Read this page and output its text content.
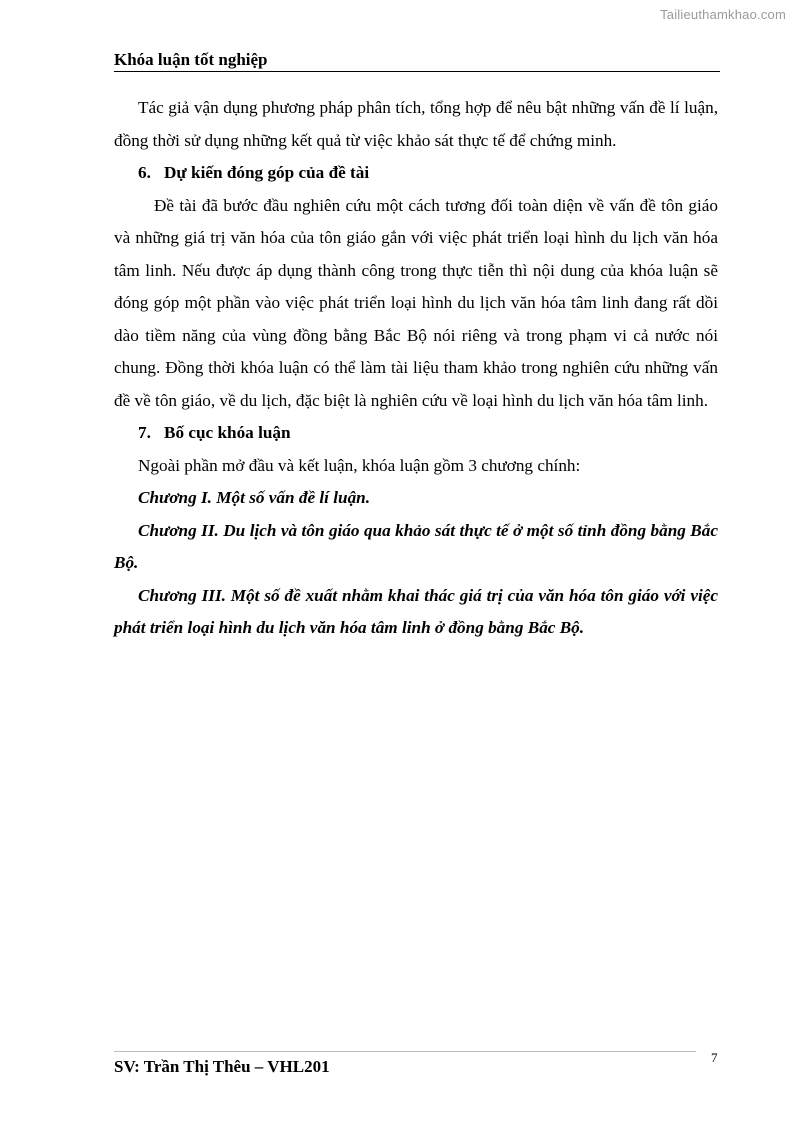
Tailieuthamkhao.com
Khóa luận tốt nghiệp

Tác giả vận dụng phương pháp phân tích, tổng hợp để nêu bật những vấn đề lí luận, đồng thời sử dụng những kết quả từ việc khảo sát thực tế để chứng minh.

6. Dự kiến đóng góp của đề tài

Đề tài đã bước đầu nghiên cứu một cách tương đối toàn diện về vấn đề tôn giáo và những giá trị văn hóa của tôn giáo gắn với việc phát triển loại hình du lịch văn hóa tâm linh. Nếu được áp dụng thành công trong thực tiễn thì nội dung của khóa luận sẽ đóng góp một phần vào việc phát triển loại hình du lịch văn hóa tâm linh đang rất dồi dào tiềm năng của vùng đồng bằng Bắc Bộ nói riêng và trong phạm vi cả nước nói chung. Đồng thời khóa luận có thể làm tài liệu tham khảo trong nghiên cứu những vấn đề về tôn giáo, về du lịch, đặc biệt là nghiên cứu về loại hình du lịch văn hóa tâm linh.

7. Bố cục khóa luận

Ngoài phần mở đầu và kết luận, khóa luận gồm 3 chương chính:

Chương I. Một số vấn đề lí luận.

Chương II. Du lịch và tôn giáo qua khảo sát thực tế ở một số tỉnh đồng bằng Bắc Bộ.

Chương III. Một số đề xuất nhằm khai thác giá trị của văn hóa tôn giáo với việc phát triển loại hình du lịch văn hóa tâm linh ở đồng bằng Bắc Bộ.

SV: Trần Thị Thêu – VHL201	7
